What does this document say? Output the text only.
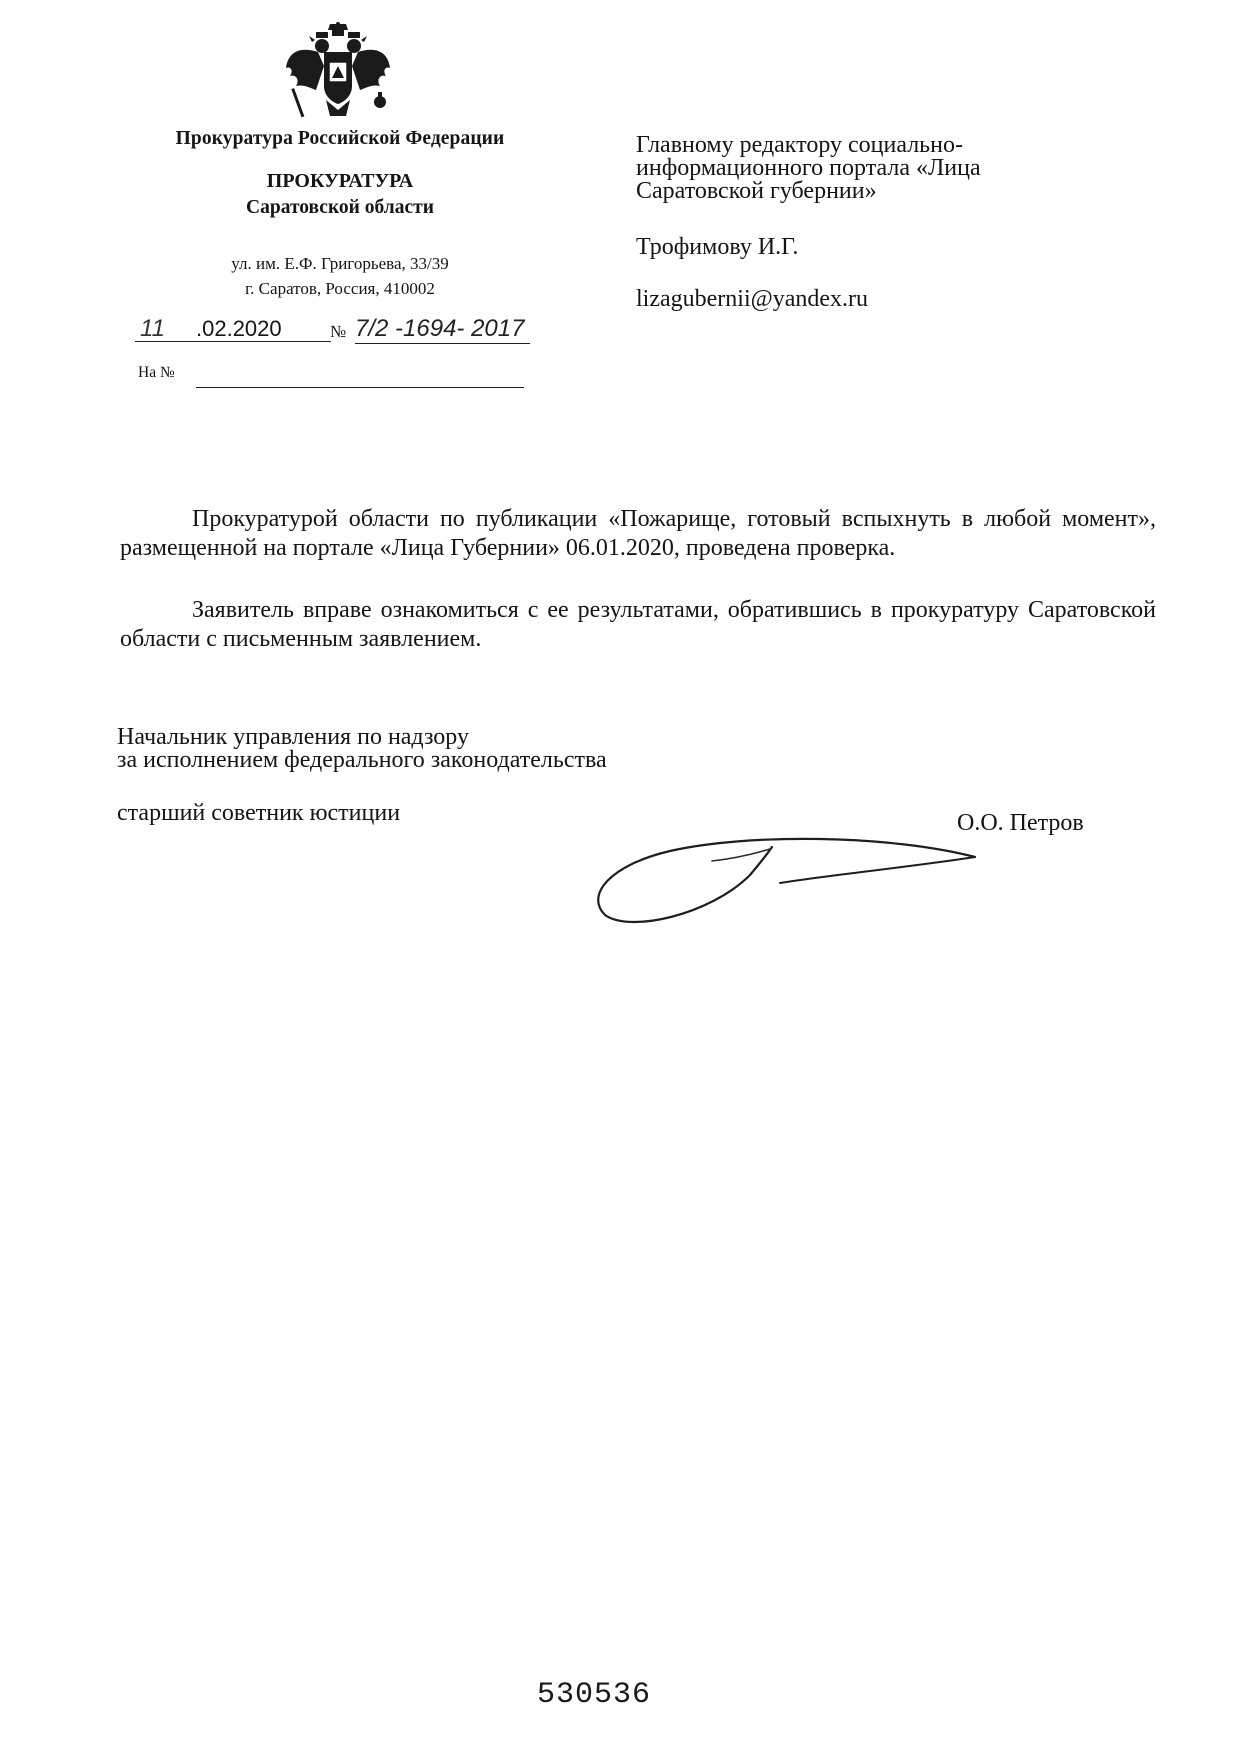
Прокуратура Российской Федерации
ПРОКУРАТУРА
Саратовской области
ул. им. Е.Ф. Григорьева, 33/39
г. Саратов, Россия, 410002
11 .02.2020	№ 7/2 -1694- 2017
На №
Главному редактору социально-
информационного портала «Лица
Саратовской губернии»
Трофимову И.Г.
lizagubernii@yandex.ru
Прокуратурой области по публикации «Пожарище, готовый вспыхнуть в любой момент», размещенной на портале «Лица Губернии» 06.01.2020, проведена проверка.
Заявитель вправе ознакомиться с ее результатами, обратившись в прокуратуру Саратовской области с письменным заявлением.
Начальник управления по надзору
за исполнением федерального законодательства
старший советник юстиции	О.О. Петров
530536
